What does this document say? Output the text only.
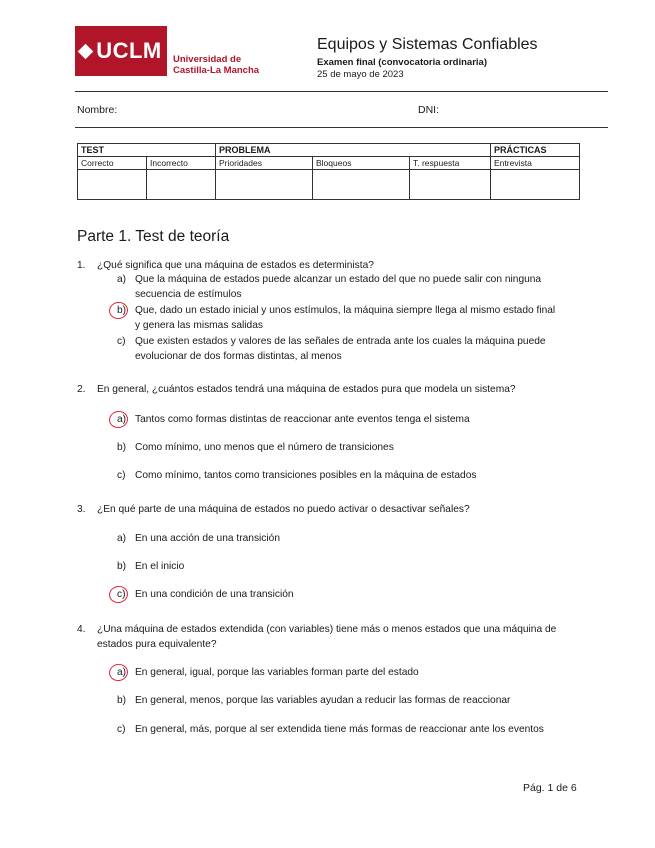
UCLM Universidad de
Castilla-La Mancha
Equipos y Sistemas Confiables
Examen final (convocatoria ordinaria)
25 de mayo de 2023
Nombre:	DNI:
TEST		PROBLEMA			PRÁCTICAS
Correcto	Incorrecto	Prioridades	Bloqueos	T. respuesta	Entrevista

Parte 1. Test de teoría
1. ¿Qué significa que una máquina de estados es determinista?
a) Que la máquina de estados puede alcanzar un estado del que no puede salir con ninguna
secuencia de estímulos
b) Que, dado un estado inicial y unos estímulos, la máquina siempre llega al mismo estado final
y genera las mismas salidas
c) Que existen estados y valores de las señales de entrada ante los cuales la máquina puede
evolucionar de dos formas distintas, al menos
2. En general, ¿cuántos estados tendrá una máquina de estados pura que modela un sistema?
a) Tantos como formas distintas de reaccionar ante eventos tenga el sistema
b) Como mínimo, uno menos que el número de transiciones
c) Como mínimo, tantos como transiciones posibles en la máquina de estados
3. ¿En qué parte de una máquina de estados no puedo activar o desactivar señales?
a) En una acción de una transición
b) En el inicio
c) En una condición de una transición
4. ¿Una máquina de estados extendida (con variables) tiene más o menos estados que una máquina de
estados pura equivalente?
a) En general, igual, porque las variables forman parte del estado
b) En general, menos, porque las variables ayudan a reducir las formas de reaccionar
c) En general, más, porque al ser extendida tiene más formas de reaccionar ante los eventos
Pág. 1 de 6
